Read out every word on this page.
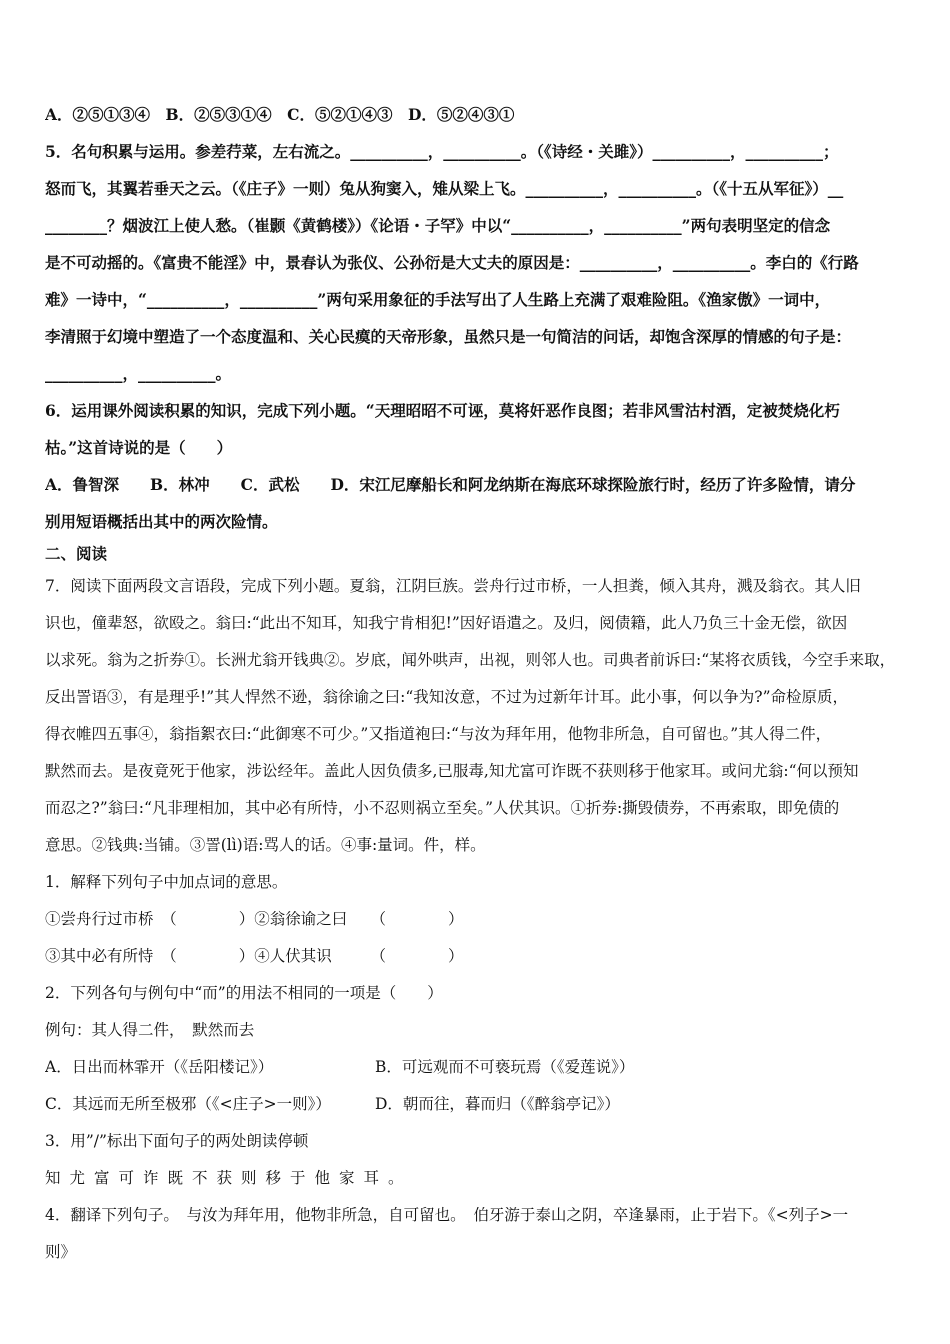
A．②⑤①③④　B．②⑤③①④　C．⑤②①④③　D．⑤②④③①
5．名句积累与运用。参差荇菜，左右流之。__________，__________。（《诗经・关雎》）__________，__________；
怒而飞，其翼若垂天之云。（《庄子》一则）兔从狗窦入，雉从梁上飞。__________，__________。（《十五从军征》）__
________？烟波江上使人愁。（崔颢《黄鹤楼》）《论语・子罕》中以“__________，__________”两句表明坚定的信念
是不可动摇的。《富贵不能淫》中，景春认为张仪、公孙衍是大丈夫的原因是：__________，__________。李白的《行路
难》一诗中，“__________，__________”两句采用象征的手法写出了人生路上充满了艰难险阻。《渔家傲》一词中，
李清照于幻境中塑造了一个态度温和、关心民瘼的天帝形象，虽然只是一句简洁的问话，却饱含深厚的情感的句子是：
__________，__________。
6．运用课外阅读积累的知识，完成下列小题。“天理昭昭不可诬，莫将奸恶作良图；若非风雪沽村酒，定被焚烧化朽
枯。”这首诗说的是（　　）
A．鲁智深　　B．林冲　　C．武松　　D．宋江尼摩船长和阿龙纳斯在海底环球探险旅行时，经历了许多险情，请分
别用短语概括出其中的两次险情。
二、阅读
7．阅读下面两段文言语段，完成下列小题。夏翁，江阴巨族。尝舟行过市桥，一人担粪，倾入其舟，溅及翁衣。其人旧
识也，僮辈怒，欲殴之。翁曰:“此出不知耳，知我宁肯相犯!”因好语遣之。及归，阅债籍，此人乃负三十金无偿，欲因
以求死。翁为之折券①。长洲尤翁开钱典②。岁底，闻外哄声，出视，则邻人也。司典者前诉曰:“某将衣质钱，今空手来取，
反出詈语③，有是理乎!”其人悍然不逊，翁徐谕之曰:“我知汝意，不过为过新年计耳。此小事，何以争为?”命检原质，
得衣帷四五事④，翁指絮衣曰:“此御寒不可少。”又指道袍曰:“与汝为拜年用，他物非所急，自可留也。”其人得二件，
默然而去。是夜竟死于他家，涉讼经年。盖此人因负债多,已服毒,知尤富可诈既不获则移于他家耳。或问尤翁:“何以预知
而忍之?”翁曰:“凡非理相加，其中必有所恃，小不忍则祸立至矣。”人伏其识。①折券:撕毁债券，不再索取，即免债的
意思。②钱典:当铺。③詈(lì)语:骂人的话。④事:量词。件，样。
1．解释下列句子中加点词的意思。
①尝舟行过市桥　（　　　　）②翁徐谕之曰　　（　　　　）
③其中必有所恃　（　　　　）④人伏其识　　　（　　　　）
2．下列各句与例句中“而”的用法不相同的一项是（　　）
例句：其人得二件，　默然而去
A．日出而林霏开（《岳阳楼记》）	B．可远观而不可亵玩焉（《爱莲说》）
C．其远而无所至极邪（《<庄子>一则》）	D．朝而往，暮而归（《醉翁亭记》）
3．用”/”标出下面句子的两处朗读停顿
知尤富可诈既不获则移于他家耳。
4．翻译下列句子。　与汝为拜年用，他物非所急，自可留也。　伯牙游于泰山之阴，卒逢暴雨，止于岩下。《<列子>一
则》
